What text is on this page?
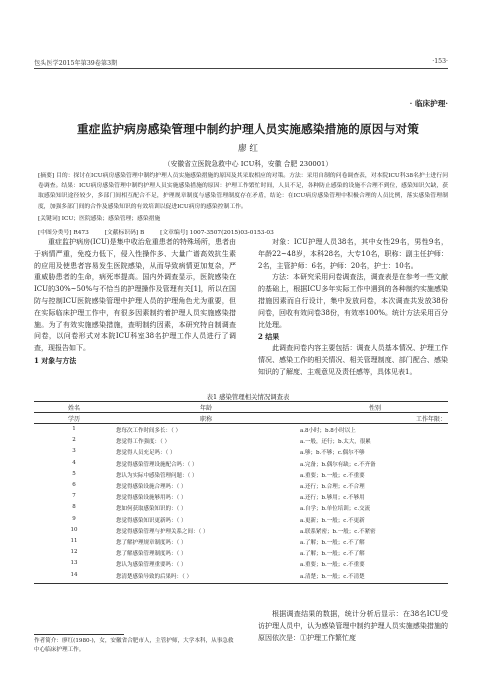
包头医学2015年第39卷第3期	·153·
· 临床护理·
重症监护病房感染管理中制约护理人员实施感染措施的原因与对策
廖 红
（安徽省立医院急救中心 ICU科，安徽 合肥 230001）
[摘要] 目的：探讨在ICU病房感染管理中制约护理人员实施感染措施的原因及其采取相应的对策。方法：采用自制的问卷调查表，对本院ICU科38名护士进行问卷调查。结果：ICU病房感染管理中制约护理人员实施感染措施的原因：护理工作繁忙时间，人员不足，各种防止感染的设施不合理不到位，感染知识欠缺，获取感染知识途径较少，多部门间相互配合不足，护理规章制度与感染管理制度存在矛盾，结论：在ICU病房感染管理中积极合理的人员比例，落实感染管理制度，加强多部门间的合作及感染知识的有效培训以促进ICU病房的感染控制工作。
[关键词] ICU；医院感染；感染管理；感染措施
[中图分类号] R473	[文献标识码] B	[文章编号] 1007-3507(2015)03-0153-03

重症监护病房(ICU)是集中收治危重患者的特殊场所，患者由于病情严重，免疫力低下，侵入性操作多、大量广谱高效抗生素的应用及使患者容易发生医院感染，从而导致病情更加复杂，严重威胁患者的生命，病死率提高。国内外调查显示，医院感染在ICU的30%~50%与不恰当的护理操作及管理有关[1]，所以在国防与控制ICU医院感染管理中护理人员的护理角色尤为重要，但在实际临床护理工作中，有很多因素制约着护理人员实施感染措施。为了有效实施感染措施，查明制约因素，本研究特自制调查问卷，以问卷形式对本院ICU科室38名护理工作人员进行了调查，现报告如下。

1 对象与方法

对象：ICU护理人员38名，其中女性29名，男性9名，年龄22~48岁，本科28名，大专10名，职称：副主任护师：2名，主管护师：6名，护师：20名，护士：10名。

方法：本研究采用问卷调查法，调查表是在参考一些文献的基础上，根据ICU多年实际工作中遇到的各种制约实施感染措施因素而自行设计，集中发放问卷，本次调查共发放38份问卷，回收有效问卷38份，有效率100%。统计方法采用百分比处理。

2 结果

此调查问卷内容主要包括：调查人员基本情况、护理工作情况、感染工作的相关情况、相关管理制度、部门配合、感染知识的了解度、主观意见及责任感等，具体见表1。

表1 感染管理相关情况调查表
姓名	年龄	性别
学历	职称	工作年限：
1	您每次工作时间多长：（ ）	a.8小时；b.8小时以上
2	您觉得工作强度：（ ）	a.一般，还行；b.太大，很累
3	您觉得人员充足吗：（ ）	a.够；b.不够；c.偶尔不够
4	您觉得感染管理设施配合吗：（ ）	a.完备；b.偶尔有缺；c.不齐备
5	您认为实际中感染管理问题：（ ）	a.重要；b.一般；c.不重要
6	您觉得感染设施合理吗：（ ）	a.还行；b.合理；c.不合理
7	您觉得感染设施够用吗：（ ）	a.还行；b.够用；c.不够用
8	您如何获取感染知识的：（ ）	a.自学；b.单位培训；c.交流
9	您觉得感染知识更新吗：（ ）	a.更新；b.一般；c.不更新
10	您觉得感染管理与护理关系之间：（ ）	a.联系紧密；b.一般；c.不紧密
11	您了解护理规章制度吗：（ ）	a.了解；b.一般；c.不了解
12	您了解感染管理制度吗：（ ）	a.了解；b.一般；c.不了解
13	您认为感染管理重要吗：（ ）	a.重要；b.一般；c.不重要
14	您清楚感染导致的后果吗：（ ）	a.清楚；b.一般；c.不清楚
作者简介：廖红(1980-)，女，安徽省合肥市人，主管护师，大学本科，从事急救中心临床护理工作。

根据调查结果的数据，统计分析后显示：在38名ICU受访护理人员中，认为感染管理中制约护理人员实施感染措施的原因依次是：①护理工作繁忙度
